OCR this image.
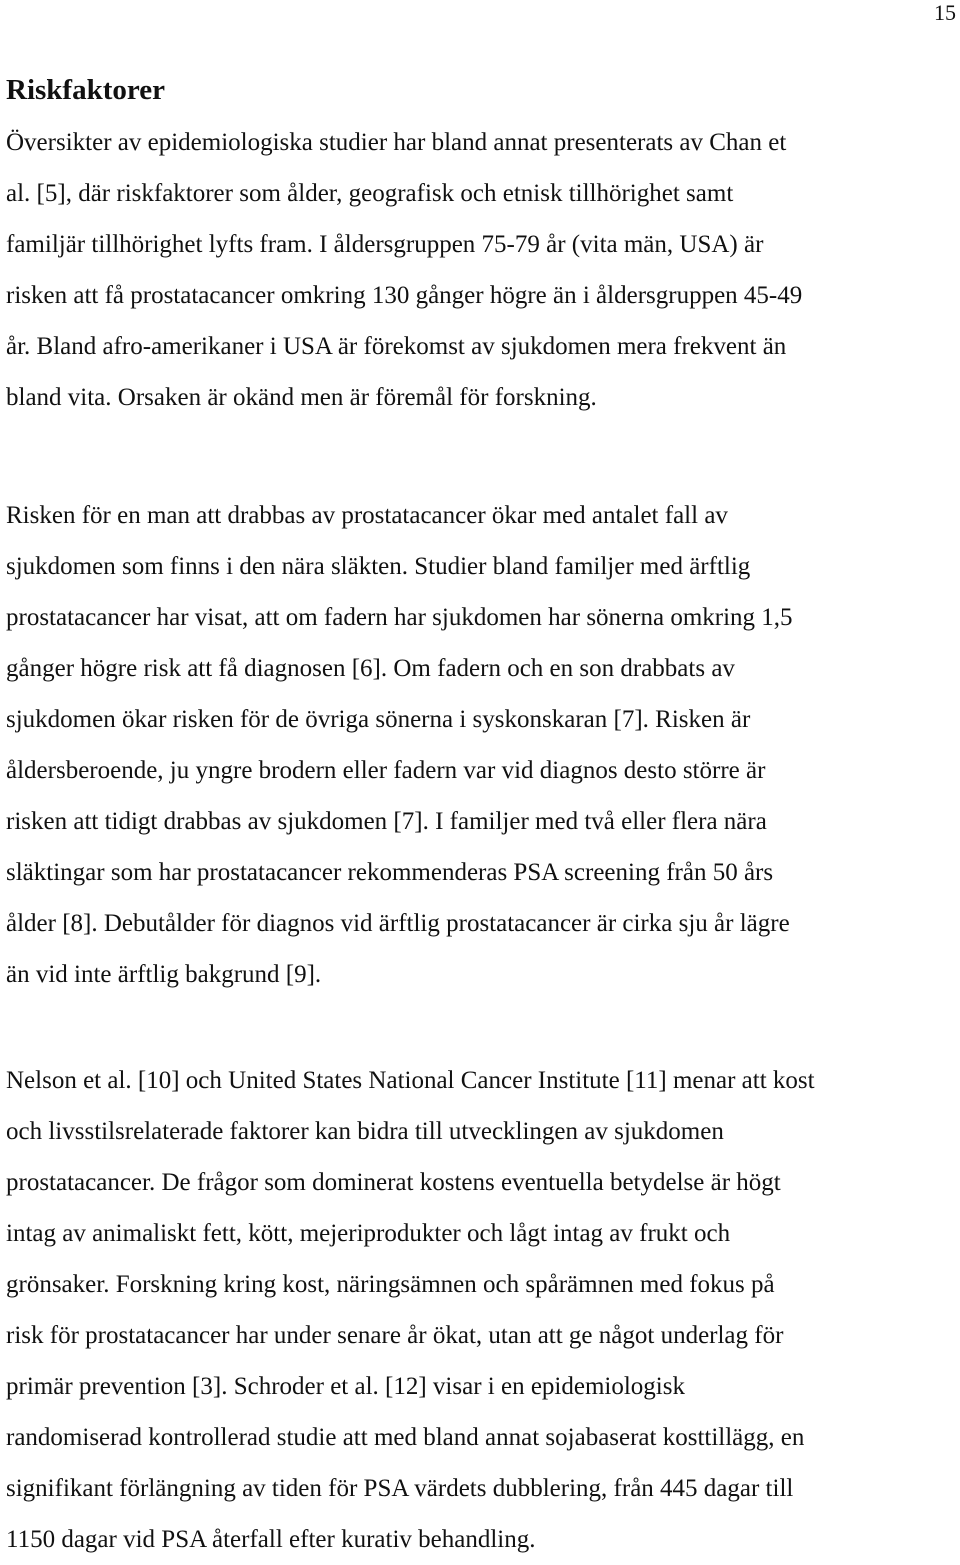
15
Riskfaktorer

Översikter av epidemiologiska studier har bland annat presenterats av Chan et
al. [5], där riskfaktorer som ålder, geografisk och etnisk tillhörighet samt
familjär tillhörighet lyfts fram. I åldersgruppen 75-79 år (vita män, USA) är
risken att få prostatacancer omkring 130 gånger högre än i åldersgruppen 45-49
år. Bland afro-amerikaner i USA är förekomst av sjukdomen mera frekvent än
bland vita. Orsaken är okänd men är föremål för forskning.

Risken för en man att drabbas av prostatacancer ökar med antalet fall av
sjukdomen som finns i den nära släkten. Studier bland familjer med ärftlig
prostatacancer har visat, att om fadern har sjukdomen har sönerna omkring 1,5
gånger högre risk att få diagnosen [6]. Om fadern och en son drabbats av
sjukdomen ökar risken för de övriga sönerna i syskonskaran [7]. Risken är
åldersberoende, ju yngre brodern eller fadern var vid diagnos desto större är
risken att tidigt drabbas av sjukdomen [7]. I familjer med två eller flera nära
släktingar som har prostatacancer rekommenderas PSA screening från 50 års
ålder [8]. Debutålder för diagnos vid ärftlig prostatacancer är cirka sju år lägre
än vid inte ärftlig bakgrund [9].

Nelson et al. [10] och United States National Cancer Institute [11] menar att kost
och livsstilsrelaterade faktorer kan bidra till utvecklingen av sjukdomen
prostatacancer. De frågor som dominerat kostens eventuella betydelse är högt
intag av animaliskt fett, kött, mejeriprodukter och lågt intag av frukt och
grönsaker. Forskning kring kost, näringsämnen och spårämnen med fokus på
risk för prostatacancer har under senare år ökat, utan att ge något underlag för
primär prevention [3]. Schroder et al. [12] visar i en epidemiologisk
randomiserad kontrollerad studie att med bland annat sojabaserat kosttillägg, en
signifikant förlängning av tiden för PSA värdets dubblering, från 445 dagar till
1150 dagar vid PSA återfall efter kurativ behandling.
